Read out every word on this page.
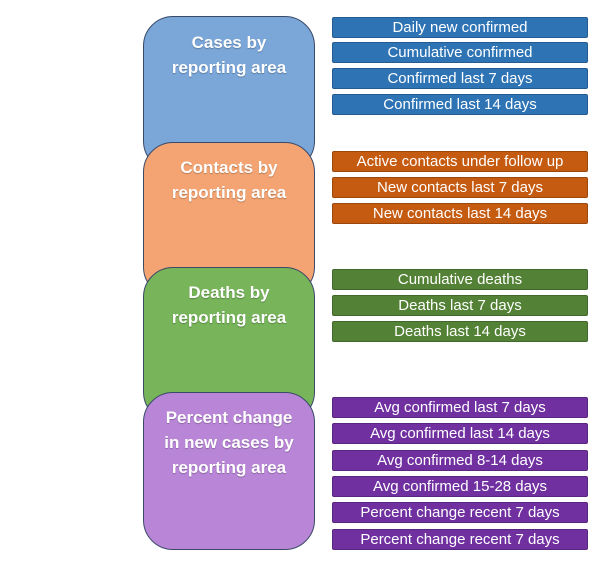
Cases by
reporting area
Contacts by
reporting area
Deaths by
reporting area
Percent change
in new cases by
reporting area
Daily new confirmed
Cumulative confirmed
Confirmed last 7 days
Confirmed last 14 days
Active contacts under follow up
New contacts last 7 days
New contacts last 14 days
Cumulative deaths
Deaths last 7 days
Deaths last 14 days
Avg confirmed last 7 days
Avg confirmed last 14 days
Avg confirmed 8-14 days
Avg confirmed 15-28 days
Percent change recent 7 days
Percent change recent 7 days
